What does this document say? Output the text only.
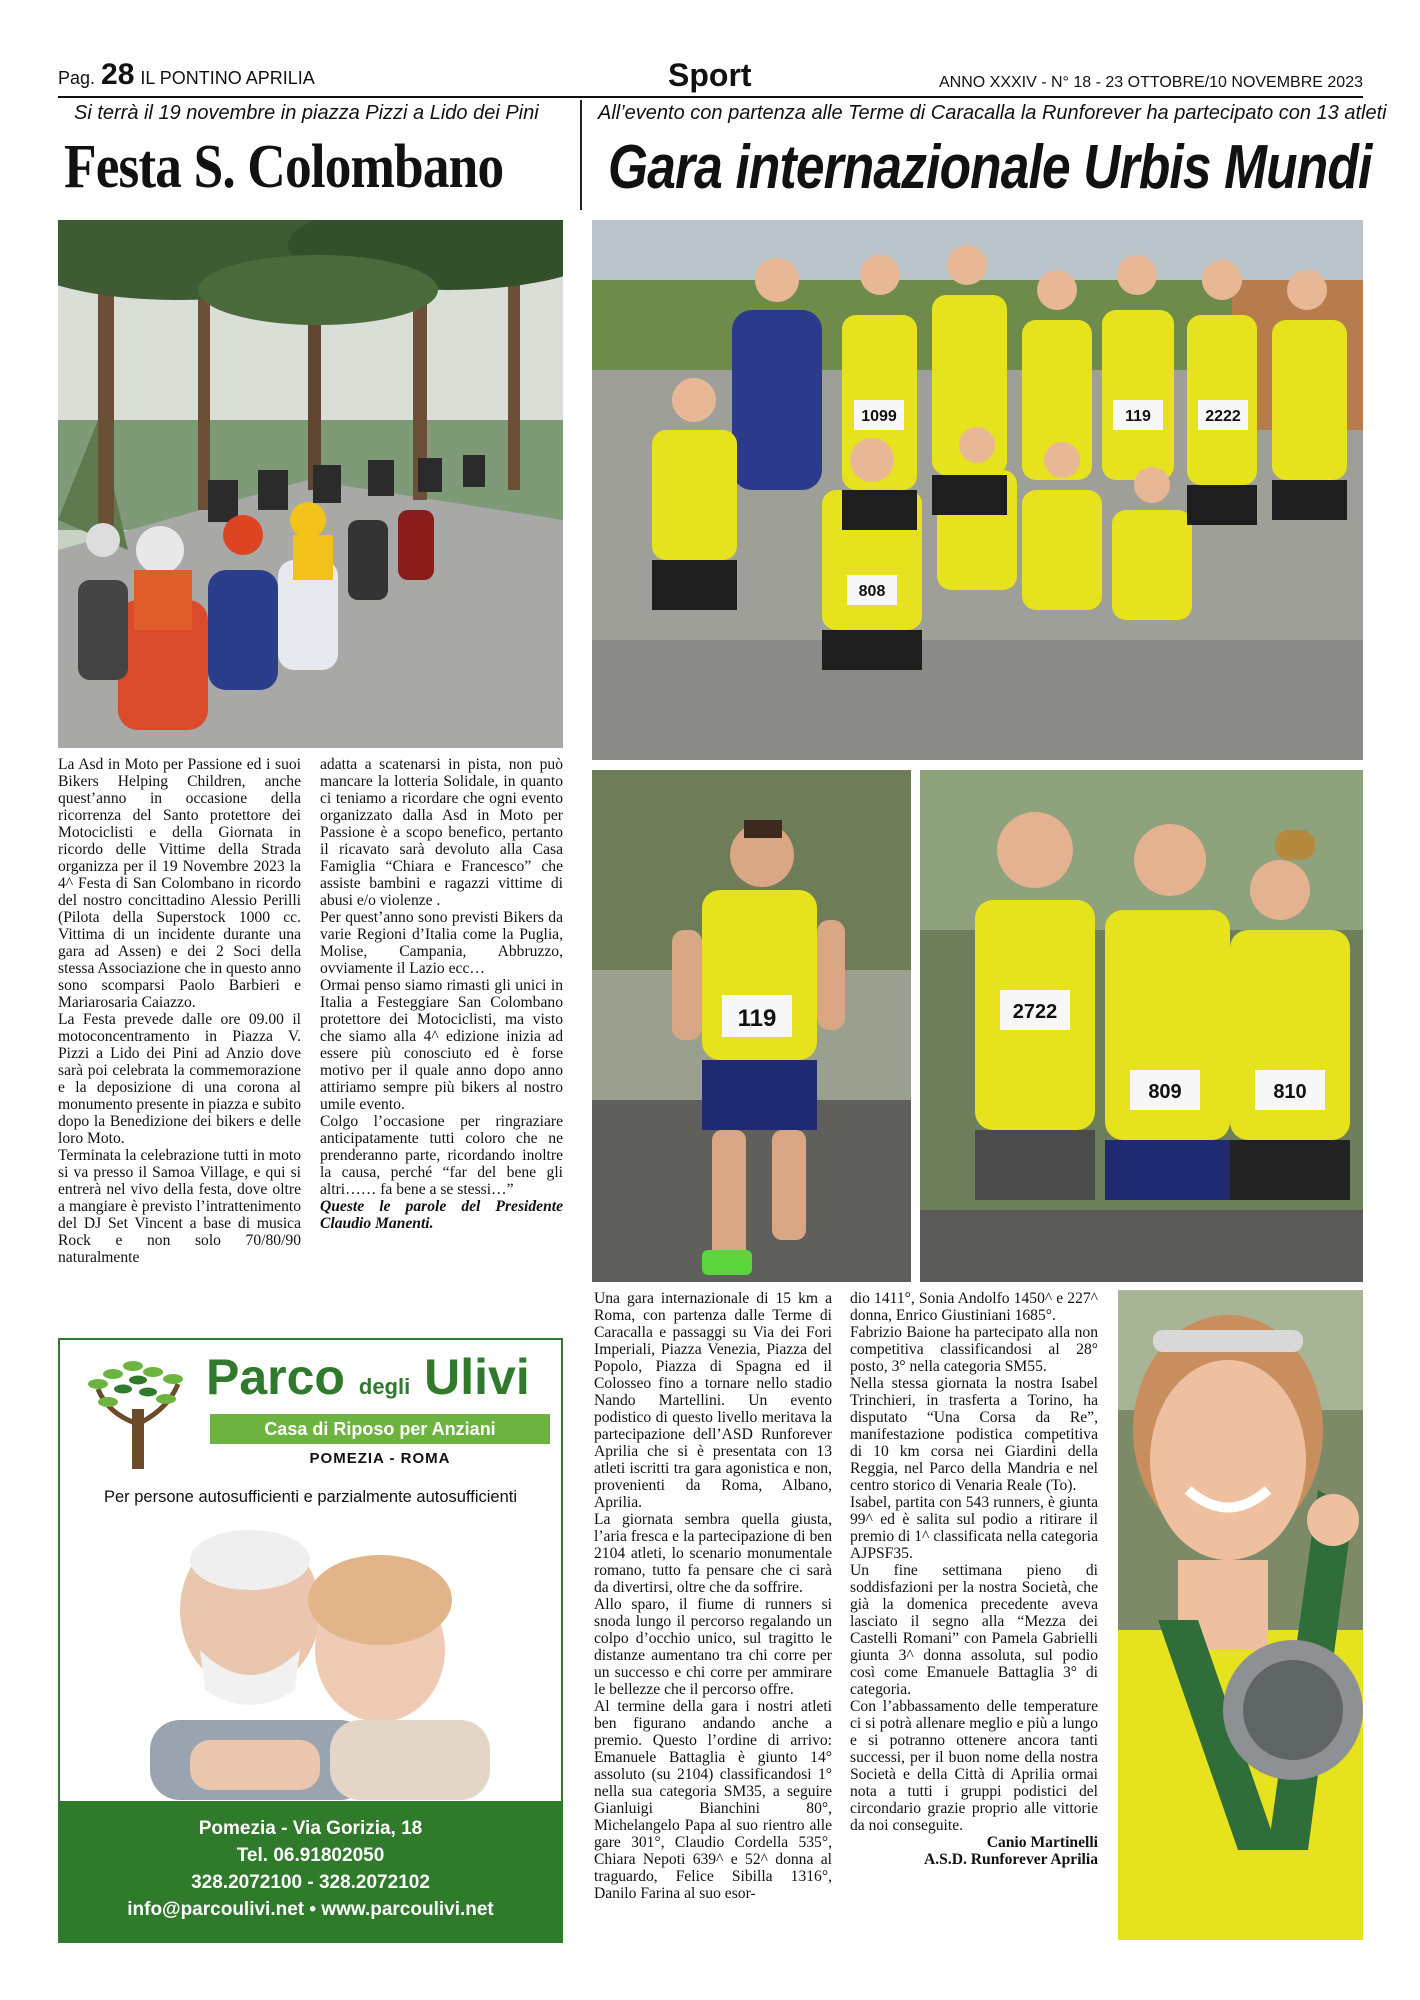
Pag. 28 IL PONTINO APRILIA	Sport	ANNO XXXIV - N° 18 - 23 OTTOBRE/10 NOVEMBRE 2023
Si terrà il 19 novembre in piazza Pizzi a Lido dei Pini	All’evento con partenza alle Terme di Caracalla la Runforever ha partecipato con 13 atleti
Festa S. Colombano Gara internazionale Urbis Mundi

La Asd in Moto per Passione ed i suoi Bikers Helping Children, anche quest’anno in occasione della ricorrenza del Santo protettore dei Motociclisti e della Giornata in ricordo delle Vittime della Strada organizza per il 19 Novembre 2023 la 4^ Festa di San Colombano in ricordo del nostro concittadino Alessio Perilli (Pilota della Superstock 1000 cc. Vittima di un incidente durante una gara ad Assen) e dei 2 Soci della stessa Associazione che in questo anno sono scomparsi Paolo Barbieri e Mariarosaria Caiazzo.

La Festa prevede dalle ore 09.00 il motoconcentramento in Piazza V. Pizzi a Lido dei Pini ad Anzio dove sarà poi celebrata la commemorazione e la deposizione di una corona al monumento presente in piazza e subito dopo la Benedizione dei bikers e delle loro Moto.

Terminata la celebrazione tutti in moto si va presso il Samoa Village, e qui si entrerà nel vivo della festa, dove oltre a mangiare è previsto l’intrattenimento del DJ Set Vincent a base di musica Rock e non solo 70/80/90 naturalmente

adatta a scatenarsi in pista, non può mancare la lotteria Solidale, in quanto ci teniamo a ricordare che ogni evento organizzato dalla Asd in Moto per Passione è a scopo benefico, pertanto il ricavato sarà devoluto alla Casa Famiglia “Chiara e Francesco” che assiste bambini e ragazzi vittime di abusi e/o violenze .

Per quest’anno sono previsti Bikers da varie Regioni d’Italia come la Puglia, Molise, Campania, Abbruzzo, ovviamente il Lazio ecc…

Ormai penso siamo rimasti gli unici in Italia a Festeggiare San Colombano protettore dei Motociclisti, ma visto che siamo alla 4^ edizione inizia ad essere più conosciuto ed è forse motivo per il quale anno dopo anno attiriamo sempre più bikers al nostro umile evento.

Colgo l’occasione per ringraziare anticipatamente tutti coloro che ne prenderanno parte, ricordando inoltre la causa, perché “far del bene gli altri…… fa bene a se stessi…”

Queste le parole del Presidente Claudio Manenti.

1099	119	2222
808
119	2722
809	810

Una gara internazionale di 15 km a Roma, con partenza dalle Terme di Caracalla e passaggi su Via dei Fori Imperiali, Piazza Venezia, Piazza del Popolo, Piazza di Spagna ed il Colosseo fino a tornare nello stadio Nando Martellini. Un evento podistico di questo livello meritava la partecipazione dell’ASD Runforever Aprilia che si è presentata con 13 atleti iscritti tra gara agonistica e non, provenienti da Roma, Albano, Aprilia.

La giornata sembra quella giusta, l’aria fresca e la partecipazione di ben 2104 atleti, lo scenario monumentale romano, tutto fa pensare che ci sarà da divertirsi, oltre che da soffrire.

Allo sparo, il fiume di runners si snoda lungo il percorso regalando un colpo d’occhio unico, sul tragitto le distanze aumentano tra chi corre per un successo e chi corre per ammirare le bellezze che il percorso offre.

Al termine della gara i nostri atleti ben figurano andando anche a premio. Questo l’ordine di arrivo: Emanuele Battaglia è giunto 14° assoluto (su 2104) classificandosi 1° nella sua categoria SM35, a seguire Gianluigi Bianchini 80°, Michelangelo Papa al suo rientro alle gare 301°, Claudio Cordella 535°, Chiara Nepoti 639^ e 52^ donna al traguardo, Felice Sibilla 1316°, Danilo Farina al suo esor-

dio 1411°, Sonia Andolfo 1450^ e 227^ donna, Enrico Giustiniani 1685°.

Fabrizio Baione ha partecipato alla non competitiva classificandosi al 28° posto, 3° nella categoria SM55.

Nella stessa giornata la nostra Isabel Trinchieri, in trasferta a Torino, ha disputato “Una Corsa da Re”, manifestazione podistica competitiva di 10 km corsa nei Giardini della Reggia, nel Parco della Mandria e nel centro storico di Venaria Reale (To).

Isabel, partita con 543 runners, è giunta 99^ ed è salita sul podio a ritirare il premio di 1^ classificata nella categoria AJPSF35.

Un fine settimana pieno di soddisfazioni per la nostra Società, che già la domenica precedente aveva lasciato il segno alla “Mezza dei Castelli Romani” con Pamela Gabrielli giunta 3^ donna assoluta, sul podio così come Emanuele Battaglia 3° di categoria.

Con l’abbassamento delle temperature ci si potrà allenare meglio e più a lungo e si potranno ottenere ancora tanti successi, per il buon nome della nostra Società e della Città di Aprilia ormai nota a tutti i gruppi podistici del circondario grazie proprio alle vittorie da noi conseguite.

Canio Martinelli

A.S.D. Runforever Aprilia

Parco degli Ulivi
Casa di Riposo per Anziani
POMEZIA - ROMA
Per persone autosufficienti e parzialmente autosufficienti
Pomezia - Via Gorizia, 18
Tel. 06.91802050
328.2072100 - 328.2072102
info@parcoulivi.net • www.parcoulivi.net
